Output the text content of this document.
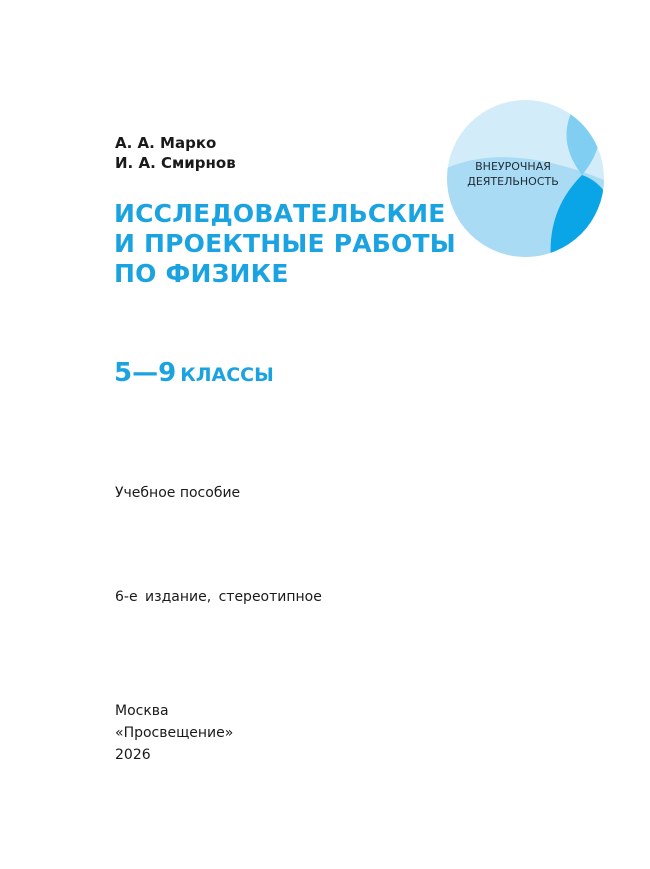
А. А. Марко
И. А. Смирнов
ИССЛЕДОВАТЕЛЬСКИЕ
И ПРОЕКТНЫЕ РАБОТЫ
ПО ФИЗИКЕ
5—9 КЛАССЫ
Учебное пособие
6-е издание, стереотипное
Москва
«Просвещение»
2026
ВНЕУРОЧНАЯ
ДЕЯТЕЛЬНОСТЬ
